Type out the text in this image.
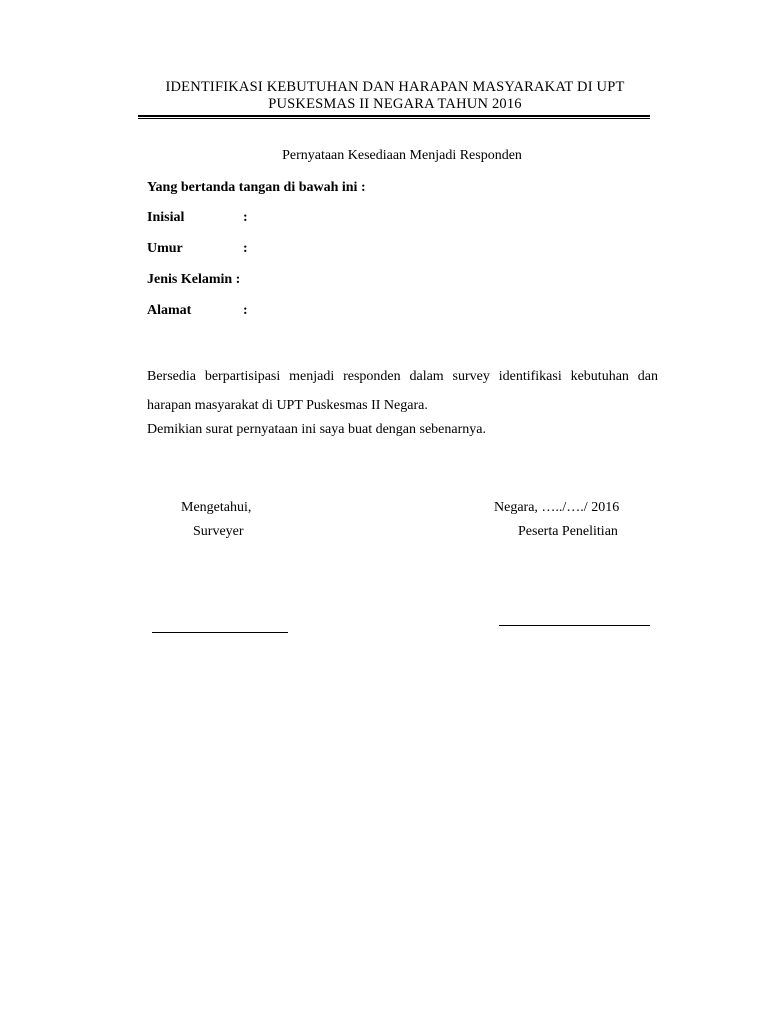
IDENTIFIKASI KEBUTUHAN DAN HARAPAN MASYARAKAT DI UPT
PUSKESMAS II NEGARA TAHUN 2016
Pernyataan Kesediaan Menjadi Responden
Yang bertanda tangan di bawah ini :
Inisial	:
Umur	:
Jenis Kelamin :
Alamat	:
Bersedia berpartisipasi menjadi responden dalam survey identifikasi kebutuhan dan harapan masyarakat di UPT Puskesmas II Negara.
Demikian surat pernyataan ini saya buat dengan sebenarnya.
Mengetahui,
Surveyer
Negara, …../…./ 2016
Peserta Penelitian
